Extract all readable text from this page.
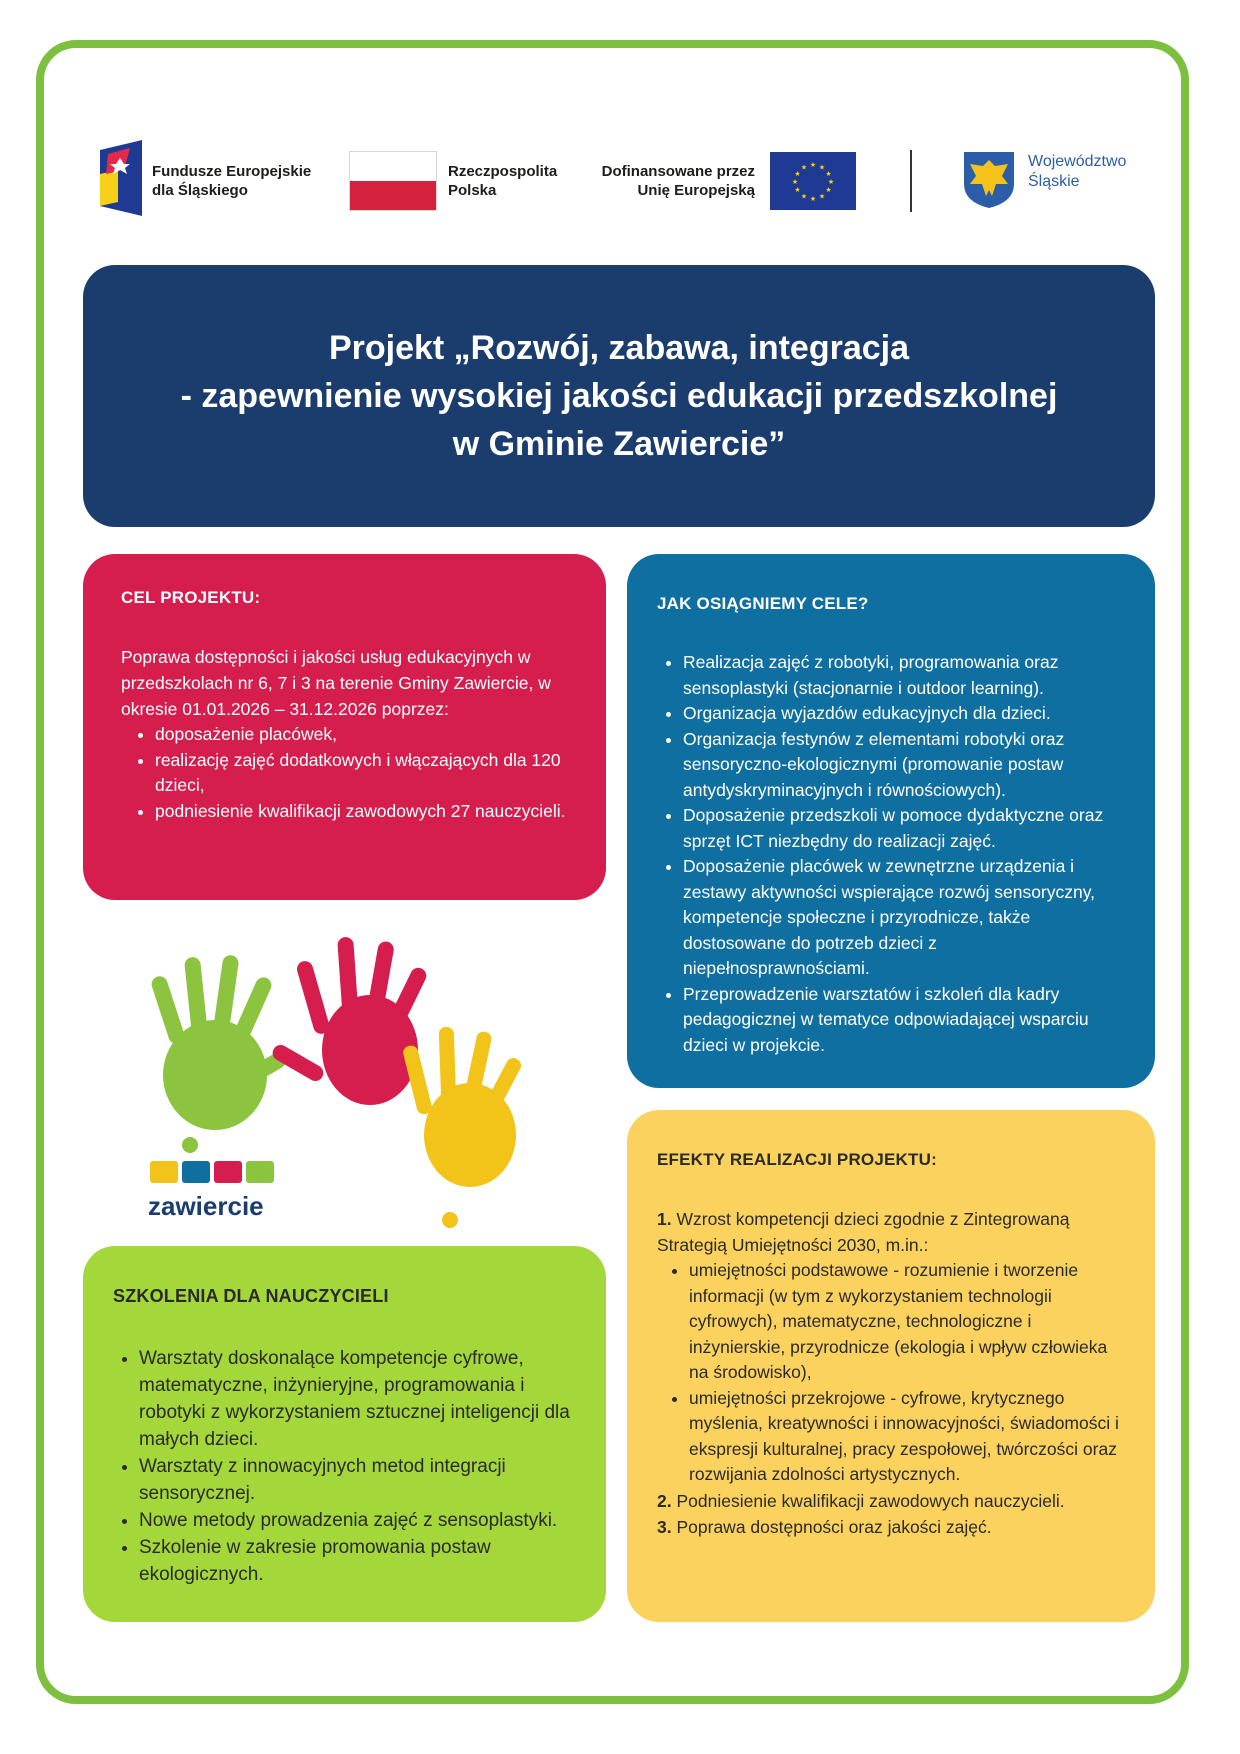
Fundusze Europejskie
dla Śląskiego
Rzeczpospolita
Polska
Dofinansowane przez
Unię Europejską
★ ★
★
★
★
★
★
★
★
★
★
★	Województwo
Śląskie
Projekt „Rozwój, zabawa, integracja
- zapewnienie wysokiej jakości edukacji przedszkolnej
w Gminie Zawiercie”
CEL PROJEKTU:
Poprawa dostępności i jakości usług edukacyjnych w przedszkolach nr 6, 7 i 3 na terenie Gminy Zawiercie, w okresie 01.01.2026 – 31.12.2026 poprzez:
• doposażenie placówek,
• realizację zajęć dodatkowych i włączających dla 120 dzieci,
• podniesienie kwalifikacji zawodowych 27 nauczycieli.
JAK OSIĄGNIEMY CELE?
• Realizacja zajęć z robotyki, programowania oraz sensoplastyki (stacjonarnie i outdoor learning).
• Organizacja wyjazdów edukacyjnych dla dzieci.
• Organizacja festynów z elementami robotyki oraz sensoryczno-ekologicznymi (promowanie postaw antydyskryminacyjnych i równościowych).
• Doposażenie przedszkoli w pomoce dydaktyczne oraz sprzęt ICT niezbędny do realizacji zajęć.
• Doposażenie placówek w zewnętrzne urządzenia i zestawy aktywności wspierające rozwój sensoryczny, kompetencje społeczne i przyrodnicze, także dostosowane do potrzeb dzieci z niepełnosprawnościami.
• Przeprowadzenie warsztatów i szkoleń dla kadry pedagogicznej w tematyce odpowiadającej wsparciu dzieci w projekcie.
zawiercie
EFEKTY REALIZACJI PROJEKTU:
1. Wzrost kompetencji dzieci zgodnie z Zintegrowaną Strategią Umiejętności 2030, m.in.:
• umiejętności podstawowe - rozumienie i tworzenie informacji (w tym z wykorzystaniem technologii cyfrowych), matematyczne, technologiczne i inżynierskie, przyrodnicze (ekologia i wpływ człowieka na środowisko),
• umiejętności przekrojowe - cyfrowe, krytycznego myślenia, kreatywności i innowacyjności, świadomości i ekspresji kulturalnej, pracy zespołowej, twórczości oraz rozwijania zdolności artystycznych.
2. Podniesienie kwalifikacji zawodowych nauczycieli.
3. Poprawa dostępności oraz jakości zajęć.
SZKOLENIA DLA NAUCZYCIELI
• Warsztaty doskonalące kompetencje cyfrowe, matematyczne, inżynieryjne, programowania i robotyki z wykorzystaniem sztucznej inteligencji dla małych dzieci.
• Warsztaty z innowacyjnych metod integracji sensorycznej.
• Nowe metody prowadzenia zajęć z sensoplastyki.
• Szkolenie w zakresie promowania postaw ekologicznych.
